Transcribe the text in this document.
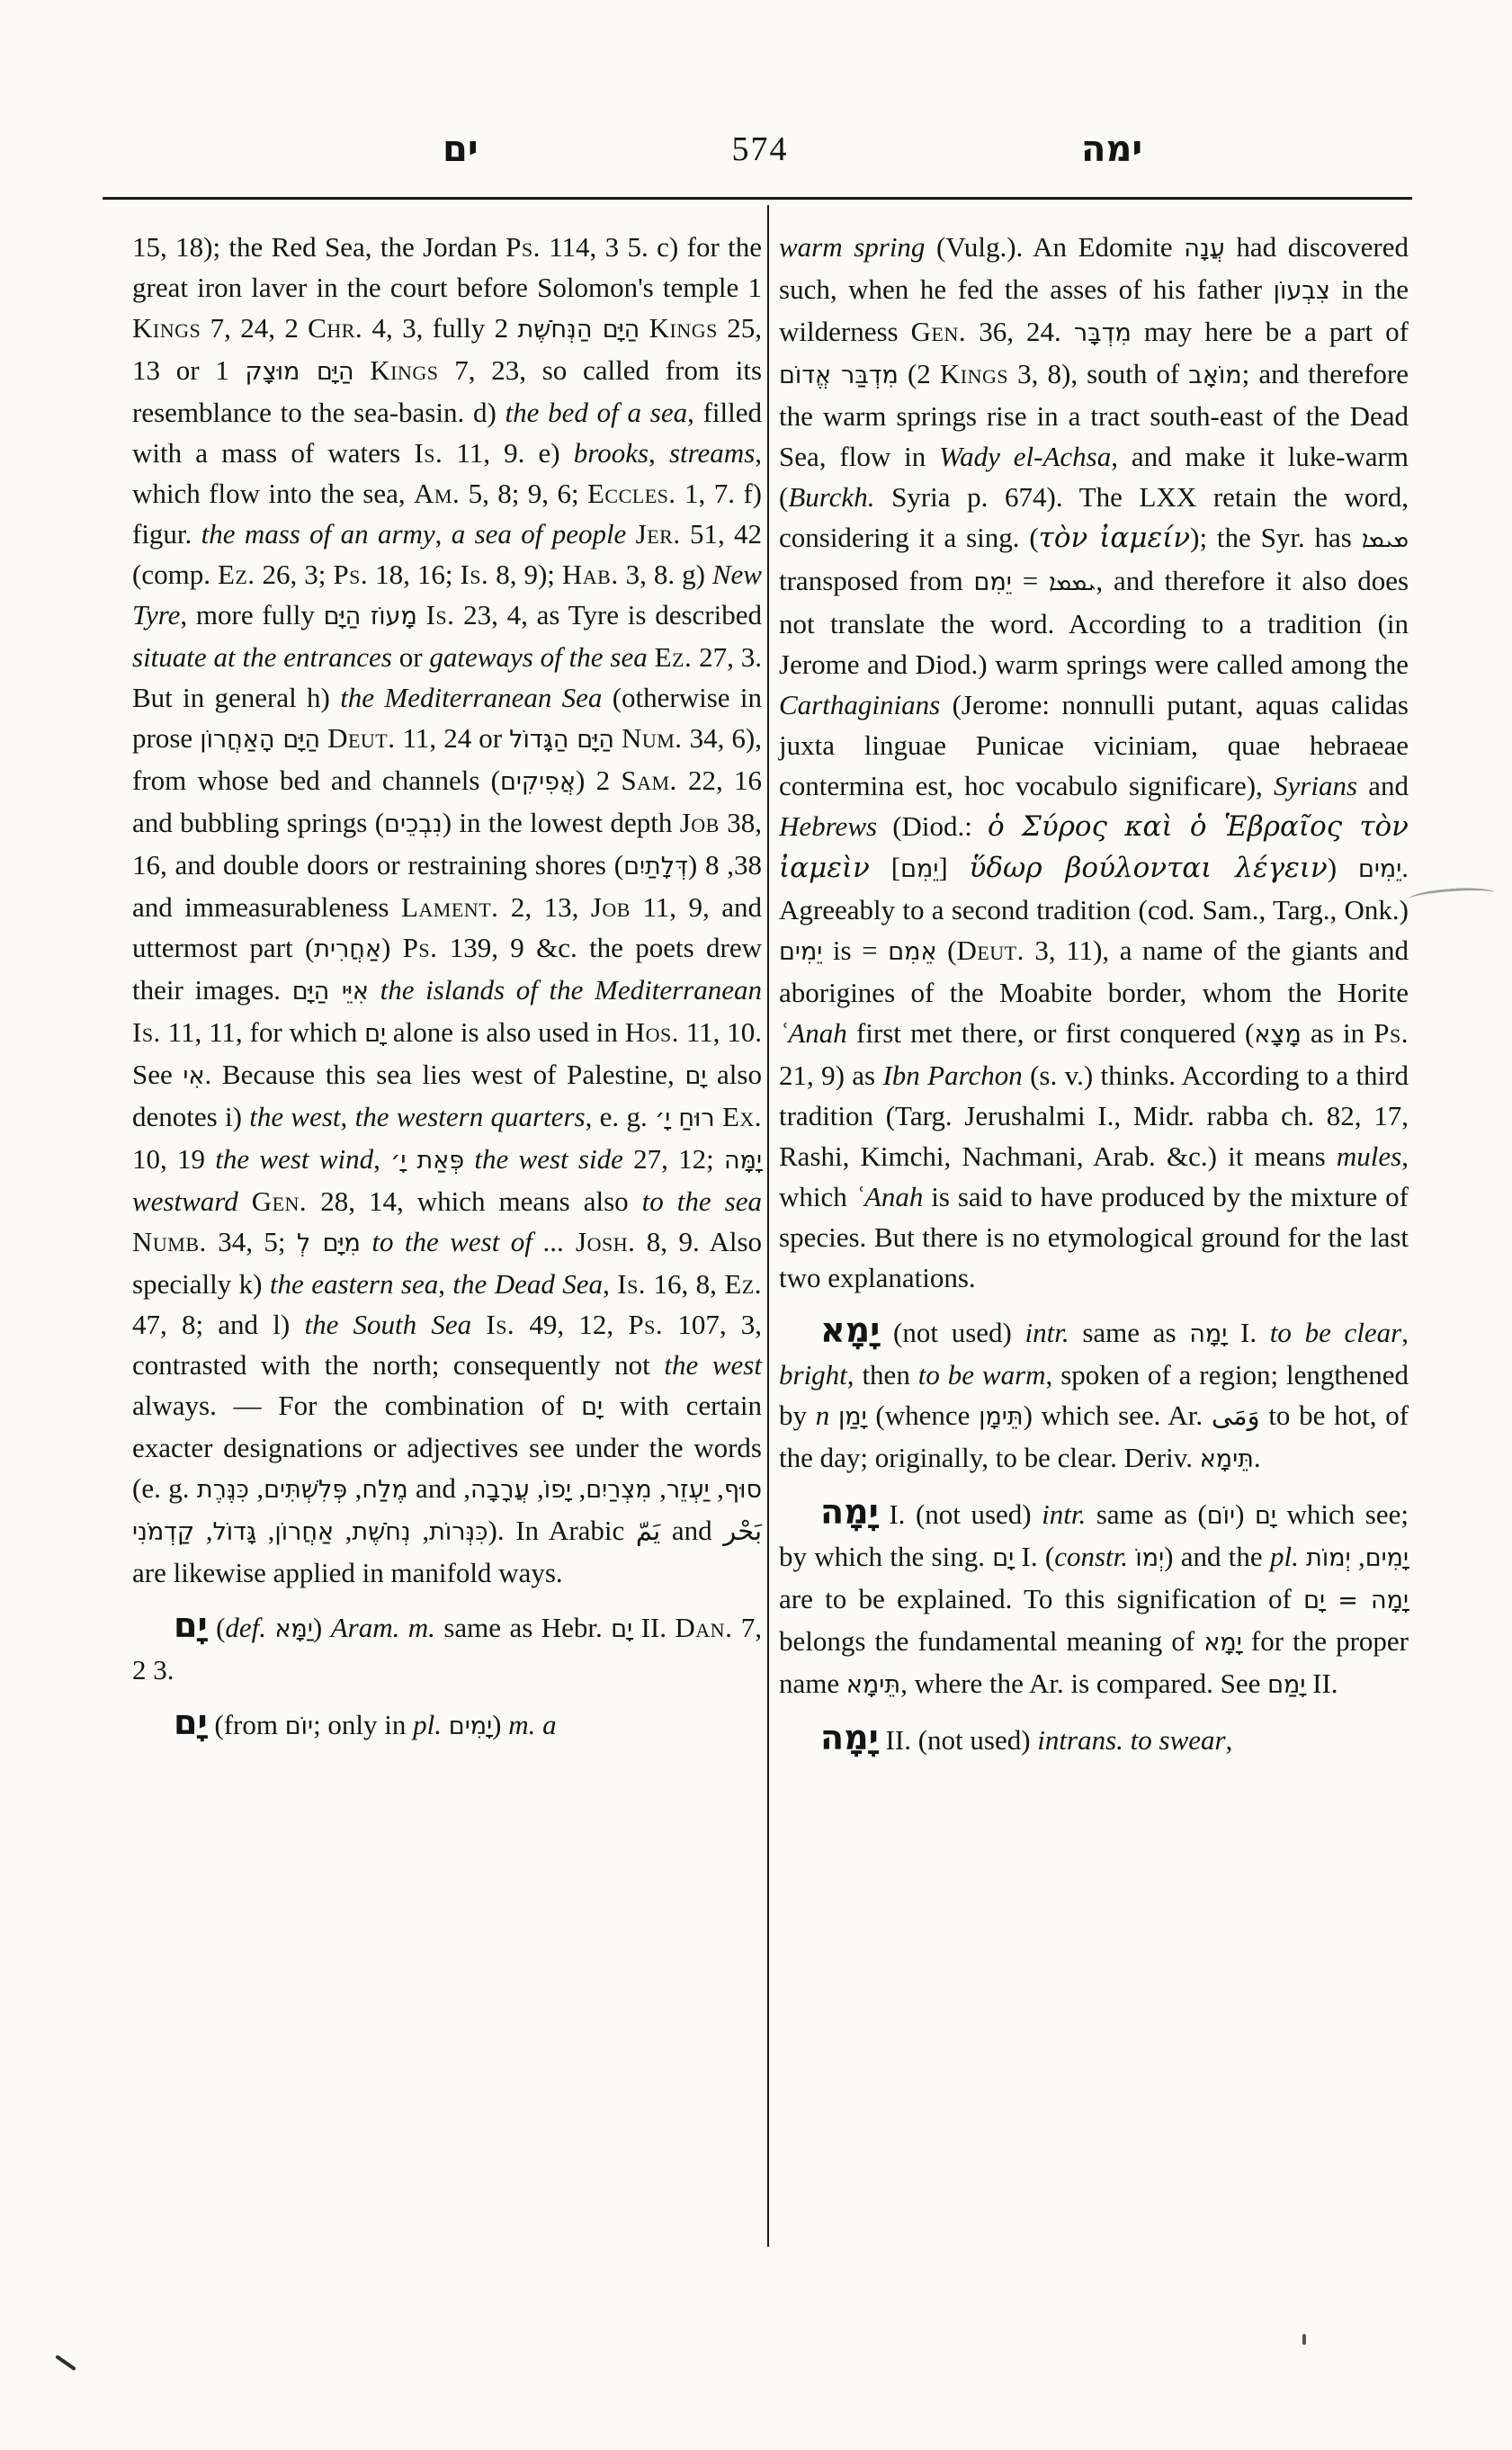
ים	574	ימה

15, 18); the Red Sea, the Jordan Ps. 114, 3 5. c) for the great iron laver in the court before Solomon's temple 1 Kings 7, 24, 2 Chr. 4, 3, fully הַיָּם הַנְּחֹשֶׁת 2 Kings 25, 13 or הַיָּם מוּצָק 1 Kings 7, 23, so called from its resemblance to the sea-basin. d) the bed of a sea, filled with a mass of waters Is. 11, 9. e) brooks, streams, which flow into the sea, Am. 5, 8; 9, 6; Eccles. 1, 7. f) figur. the mass of an army, a sea of people Jer. 51, 42 (comp. Ez. 26, 3; Ps. 18, 16; Is. 8, 9); Hab. 3, 8. g) New Tyre, more fully מָעוֹז הַיָּם Is. 23, 4, as Tyre is described situate at the entrances or gateways of the sea Ez. 27, 3. But in general h) the Mediterranean Sea (otherwise in prose הַיָּם הָאַחֲרוֹן Deut. 11, 24 or הַיָּם הַגָּדוֹל Num. 34, 6), from whose bed and channels (אֲפִיקִים) 2 Sam. 22, 16 and bubbling springs (נִבְכֵים) in the lowest depth Job 38, 16, and double doors or restraining shores (דְּלָתַיִם) 38, 8 and immeasurableness Lament. 2, 13, Job 11, 9, and uttermost part (אַחֲרִית) Ps. 139, 9 &c. the poets drew their images. אִיֵּי הַיָּם the islands of the Mediterranean Is. 11, 11, for which יָם alone is also used in Hos. 11, 10. See אִי. Because this sea lies west of Palestine, יָם also denotes i) the west, the western quarters, e. g. רוּחַ יָ׳ Ex. 10, 19 the west wind, פְּאַת יָ׳ the west side 27, 12; יָמָּה westward Gen. 28, 14, which means also to the sea Numb. 34, 5; מִיָּם לְ to the west of ... Josh. 8, 9. Also specially k) the eastern sea, the Dead Sea, Is. 16, 8, Ez. 47, 8; and l) the South Sea Is. 49, 12, Ps. 107, 3, contrasted with the north; consequently not the west always. — For the combination of יָם with certain exacter designations or adjectives see under the words (e. g.	מֶלַח, פְּלִשְׁתִּים, כִּנֶּרֶת	and	סוּף, יַעְזֵר, מִצְרַיִם, יָפוֹ, עֲרָבָה, כִּנְּרוֹת, נְחֹשֶׁת, אַחֲרוֹן, גָּדוֹל, קַדְמֹנִי	). In Arabic يَمّ and بَحْر are likewise applied in manifold ways.

יָם (def. יַמָּא) Aram. m. same as Hebr. יָם II. Dan. 7, 2 3.

יָם (from יוֹם; only in pl. יָמִים) m. a

warm spring (Vulg.). An Edomite עֲנָה had discovered such, when he fed the asses of his father צִבְעוֹן in the wilderness Gen. 36, 24. מִדְבָּר may here be a part of מִדְבַּר אֱדוֹם (2 Kings 3, 8), south of מוֹאָב; and therefore the warm springs rise in a tract south-east of the Dead Sea, flow in Wady el-Achsa, and make it luke-warm (Burckh. Syria p. 674). The LXX retain the word, considering it a sing. (τὸν ἰαμείν); the Syr. has ܡܝܡܐ transposed from	ܝܡܡܐ = יֵמִם	, and therefore it also does not translate the word. According to a tradition (in Jerome and Diod.) warm springs were called among the Carthaginians (Jerome: nonnulli putant, aquas calidas juxta linguae Punicae viciniam, quae hebraeae contermina est, hoc vocabulo significare), Syrians and Hebrews (Diod.: ὁ Σύρος καὶ ὁ Ἑβραῖος τὸν ἰαμεὶν [יֵמִם] ὕδωρ βούλονται λέγειν) יֵמִים. Agreeably to a second tradition (cod. Sam., Targ., Onk.) יֵמִים is = אֵמִם (Deut. 3, 11), a name of the giants and aborigines of the Moabite border, whom the Horite ʿAnah first met there, or first conquered (מָצָא as in Ps. 21, 9) as Ibn Parchon (s. v.) thinks. According to a third tradition (Targ. Jerushalmi I., Midr. rabba ch. 82, 17, Rashi, Kimchi, Nachmani, Arab. &c.) it means mules, which ʿAnah is said to have produced by the mixture of species. But there is no etymological ground for the last two explanations.

יָמָא (not used) intr. same as יָמָה I. to be clear, bright, then to be warm, spoken of a region; lengthened by n יָמַן (whence תֵּימָן) which see. Ar. وَمَى to be hot, of the day; originally, to be clear. Deriv. תֵּימָא.

יָמָה I. (not used) intr. same as יָם (יוֹם) which see; by which the sing. יָם I. (constr. יְמוֹ) and the pl.	יָמִים, יְמוֹת are to be explained. To this signification of יָמָה = יָם belongs the fundamental meaning of יָמָא for the proper name תֵּימָא, where the Ar. is compared. See יָמַם II.

יָמָה II. (not used) intrans. to swear,
